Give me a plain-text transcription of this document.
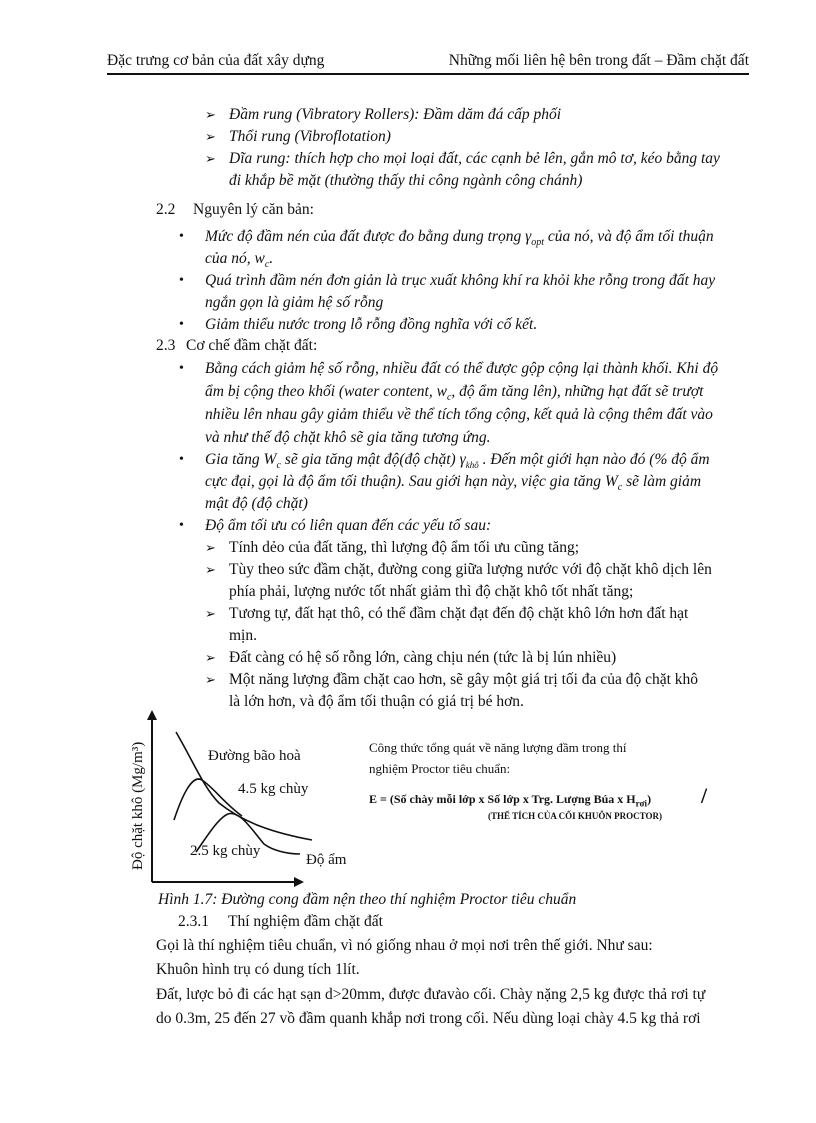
Đặc trưng cơ bản của đất xây dựng	Những mối liên hệ bên trong đất – Đầm chặt đất
➢ Đầm rung (Vibratory Rollers): Đầm dăm đá cấp phối
➢ Thổi rung (Vibroflotation)
➢ Dĩa rung: thích hợp cho mọi loại đất, các cạnh bẻ lên, gắn mô tơ, kéo bằng tay
đi khắp bề mặt (thường thấy thi công ngành công chánh)
2.2 Nguyên lý căn bản:
• Mức độ đầm nén của đất được đo bằng dung trọng $\gamma_{opt}$ của nó, và độ ẩm tối thuận
của nó, $w_c$.
• Quá trình đầm nén đơn giản là trục xuất không khí ra khỏi khe rỗng trong đất hay
ngắn gọn là giảm hệ số rỗng
• Giảm thiểu nước trong lỗ rỗng đồng nghĩa với cố kết.
2.3 Cơ chế đầm chặt đất:
• Bằng cách giảm hệ số rỗng, nhiều đất có thể được gộp cộng lại thành khối. Khi độ
ẩm bị cộng theo khối (water content, $w_c$, độ ẩm tăng lên), những hạt đất sẽ trượt
nhiều lên nhau gây giảm thiểu về thể tích tổng cộng, kết quả là cộng thêm đất vào
và như thế độ chặt khô sẽ gia tăng tương ứng.
• Gia tăng $W_c$ sẽ gia tăng mật độ(độ chặt) $\gamma_{khô}$ . Đến một giới hạn nào đó (% độ ẩm
cực đại, gọi là độ ẩm tối thuận). Sau giới hạn này, việc gia tăng $W_c$ sẽ làm giảm
mật độ (độ chặt)
• Độ ẩm tối ưu có liên quan đến các yếu tố sau:
➢ Tính dẻo của đất tăng, thì lượng độ ẩm tối ưu cũng tăng;
➢ Tùy theo sức đầm chặt, đường cong giữa lượng nước với độ chặt khô dịch lên
phía phải, lượng nước tốt nhất giảm thì độ chặt khô tốt nhất tăng;
➢ Tương tự, đất hạt thô, có thể đầm chặt đạt đến độ chặt khô lớn hơn đất hạt
mịn.
➢ Đất càng có hệ số rỗng lớn, càng chịu nén (tức là bị lún nhiều)
➢ Một năng lượng đầm chặt cao hơn, sẽ gây một giá trị tối đa của độ chặt khô
là lớn hơn, và độ ẩm tối thuận có giá trị bé hơn.
Độ chặt khô (Mg/m³)	Đường bão hoà
4.5 kg chùy
2.5 kg chùy
Độ ẩm
Công thức tổng quát về năng lượng đầm trong thí
nghiệm Proctor tiêu chuẩn:
E = (Số chày mỗi lớp x Số lớp x Trg. Lượng Búa x $H_{rơi}$) /
(THỂ TÍCH CỦA CỐI KHUÔN PROCTOR)
Hình 1.7: Đường cong đầm nện theo thí nghiệm Proctor tiêu chuẩn
2.3.1 Thí nghiệm đầm chặt đất
Gọi là thí nghiệm tiêu chuẩn, vì nó giống nhau ở mọi nơi trên thế giới. Như sau:
Khuôn hình trụ có dung tích 1lít.
Đất, lược bỏ đi các hạt sạn d>20mm, được đưavào cối. Chày nặng 2,5 kg được thả rơi tự
do 0.3m, 25 đến 27 vồ đầm quanh khắp nơi trong cối. Nếu dùng loại chày 4.5 kg thả rơi
